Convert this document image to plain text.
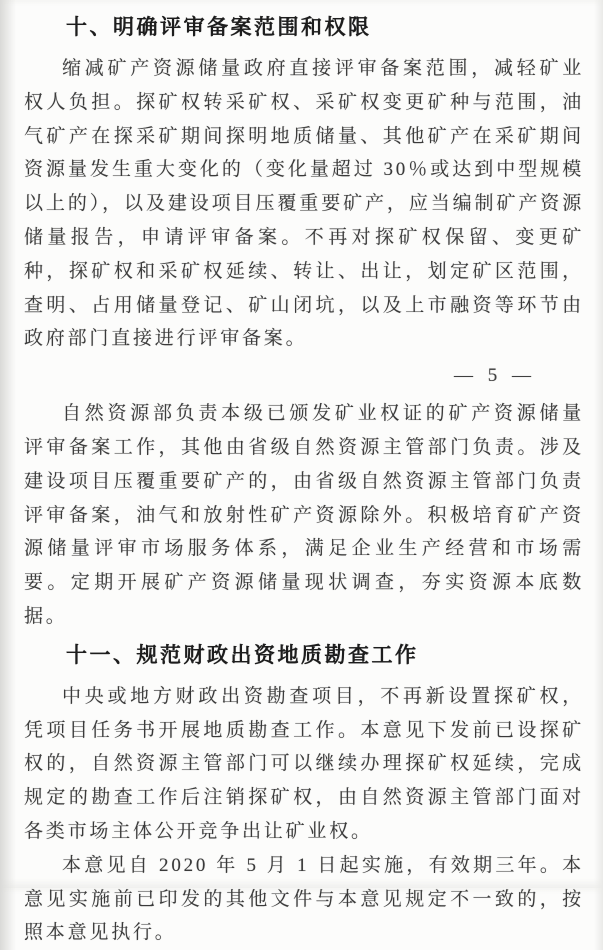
十、明确评审备案范围和权限

缩减矿产资源储量政府直接评审备案范围，减轻矿业权人负担。探矿权转采矿权、采矿权变更矿种与范围，油气矿产在探采矿期间探明地质储量、其他矿产在采矿期间资源量发生重大变化的（变化量超过 30％或达到中型规模以上的），以及建设项目压覆重要矿产，应当编制矿产资源储量报告，申请评审备案。不再对探矿权保留、变更矿种，探矿权和采矿权延续、转让、出让，划定矿区范围，查明、占用储量登记、矿山闭坑，以及上市融资等环节由政府部门直接进行评审备案。

— 5 —

自然资源部负责本级已颁发矿业权证的矿产资源储量评审备案工作，其他由省级自然资源主管部门负责。涉及建设项目压覆重要矿产的，由省级自然资源主管部门负责评审备案，油气和放射性矿产资源除外。积极培育矿产资源储量评审市场服务体系，满足企业生产经营和市场需要。定期开展矿产资源储量现状调查，夯实资源本底数据。

十一、规范财政出资地质勘查工作

中央或地方财政出资勘查项目，不再新设置探矿权，凭项目任务书开展地质勘查工作。本意见下发前已设探矿权的，自然资源主管部门可以继续办理探矿权延续，完成规定的勘查工作后注销探矿权，由自然资源主管部门面对各类市场主体公开竞争出让矿业权。

本意见自 2020 年 5 月 1 日起实施，有效期三年。本意见实施前已印发的其他文件与本意见规定不一致的，按照本意见执行。
